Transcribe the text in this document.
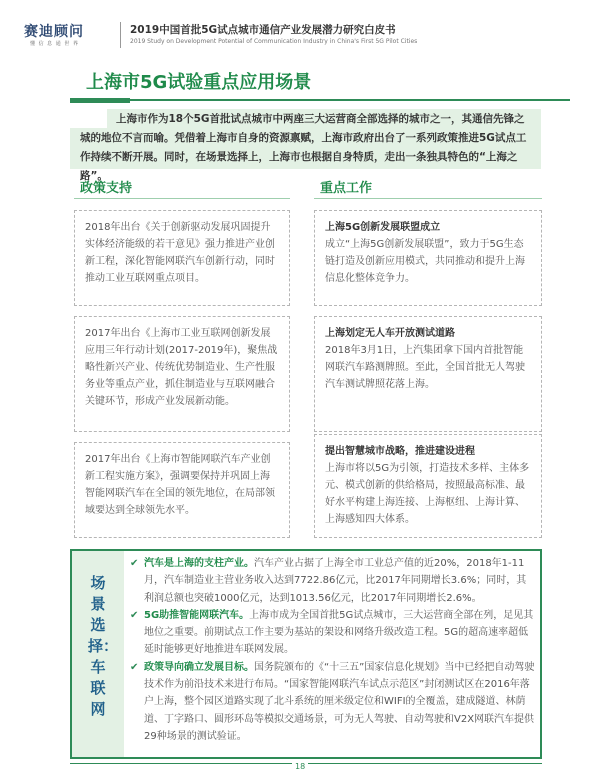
赛迪顾问
懂 信 息 通 世 界
2019中国首批5G试点城市通信产业发展潜力研究白皮书
2019 Study on Development Potential of Communication Industry in China's First 5G Pilot Cities
上海市5G试验重点应用场景
上海市作为18个5G首批试点城市中两座三大运营商全部选择的城市之一，其通信先锋之城的地位不言而喻。凭借着上海市自身的资源禀赋，上海市政府出台了一系列政策推进5G试点工作持续不断开展。同时，在场景选择上，上海市也根据自身特质，走出一条独具特色的“上海之路”。
政策支持	重点工作
2018年出台《关于创新驱动发展巩固提升实体经济能级的若干意见》强力推进产业创新工程，深化智能网联汽车创新行动，同时推动工业互联网重点项目。
2017年出台《上海市工业互联网创新发展应用三年行动计划(2017-2019年)，聚焦战略性新兴产业、传统优势制造业、生产性服务业等重点产业，抓住制造业与互联网融合关键环节，形成产业发展新动能。
2017年出台《上海市智能网联汽车产业创新工程实施方案》，强调要保持并巩固上海智能网联汽车在全国的领先地位，在局部领域要达到全球领先水平。
上海5G创新发展联盟成立
成立“上海5G创新发展联盟”，致力于5G生态链打造及创新应用模式，共同推动和提升上海信息化整体竞争力。
上海划定无人车开放测试道路
2018年3月1日，上汽集团拿下国内首批智能网联汽车路测牌照。至此，全国首批无人驾驶汽车测试牌照花落上海。
提出智慧城市战略，推进建设进程
上海市将以5G为引领，打造技术多样、主体多元、模式创新的供给格局，按照最高标准、最好水平构建上海连接、上海枢纽、上海计算、上海感知四大体系。
场景选择：车联网
✔ 汽车是上海的支柱产业。汽车产业占据了上海全市工业总产值的近20%，2018年1-11月，汽车制造业主营业务收入达到7722.86亿元，比2017年同期增长3.6%；同时，其利润总额也突破1000亿元，达到1013.56亿元，比2017年同期增长2.6%。
✔ 5G助推智能网联汽车。上海市成为全国首批5G试点城市，三大运营商全部在列，足见其地位之重要。前期试点工作主要为基站的架设和网络升级改造工程。5G的超高速率超低延时能够更好地推进车联网发展。
✔ 政策导向确立发展目标。国务院颁布的《“十三五”国家信息化规划》当中已经把自动驾驶技术作为前沿技术来进行布局。“国家智能网联汽车试点示范区”封闭测试区在2016年落户上海，整个园区道路实现了北斗系统的厘米级定位和WIFI的全覆盖，建成隧道、林荫道、丁字路口、圆形环岛等模拟交通场景，可为无人驾驶、自动驾驶和V2X网联汽车提供29种场景的测试验证。
18
